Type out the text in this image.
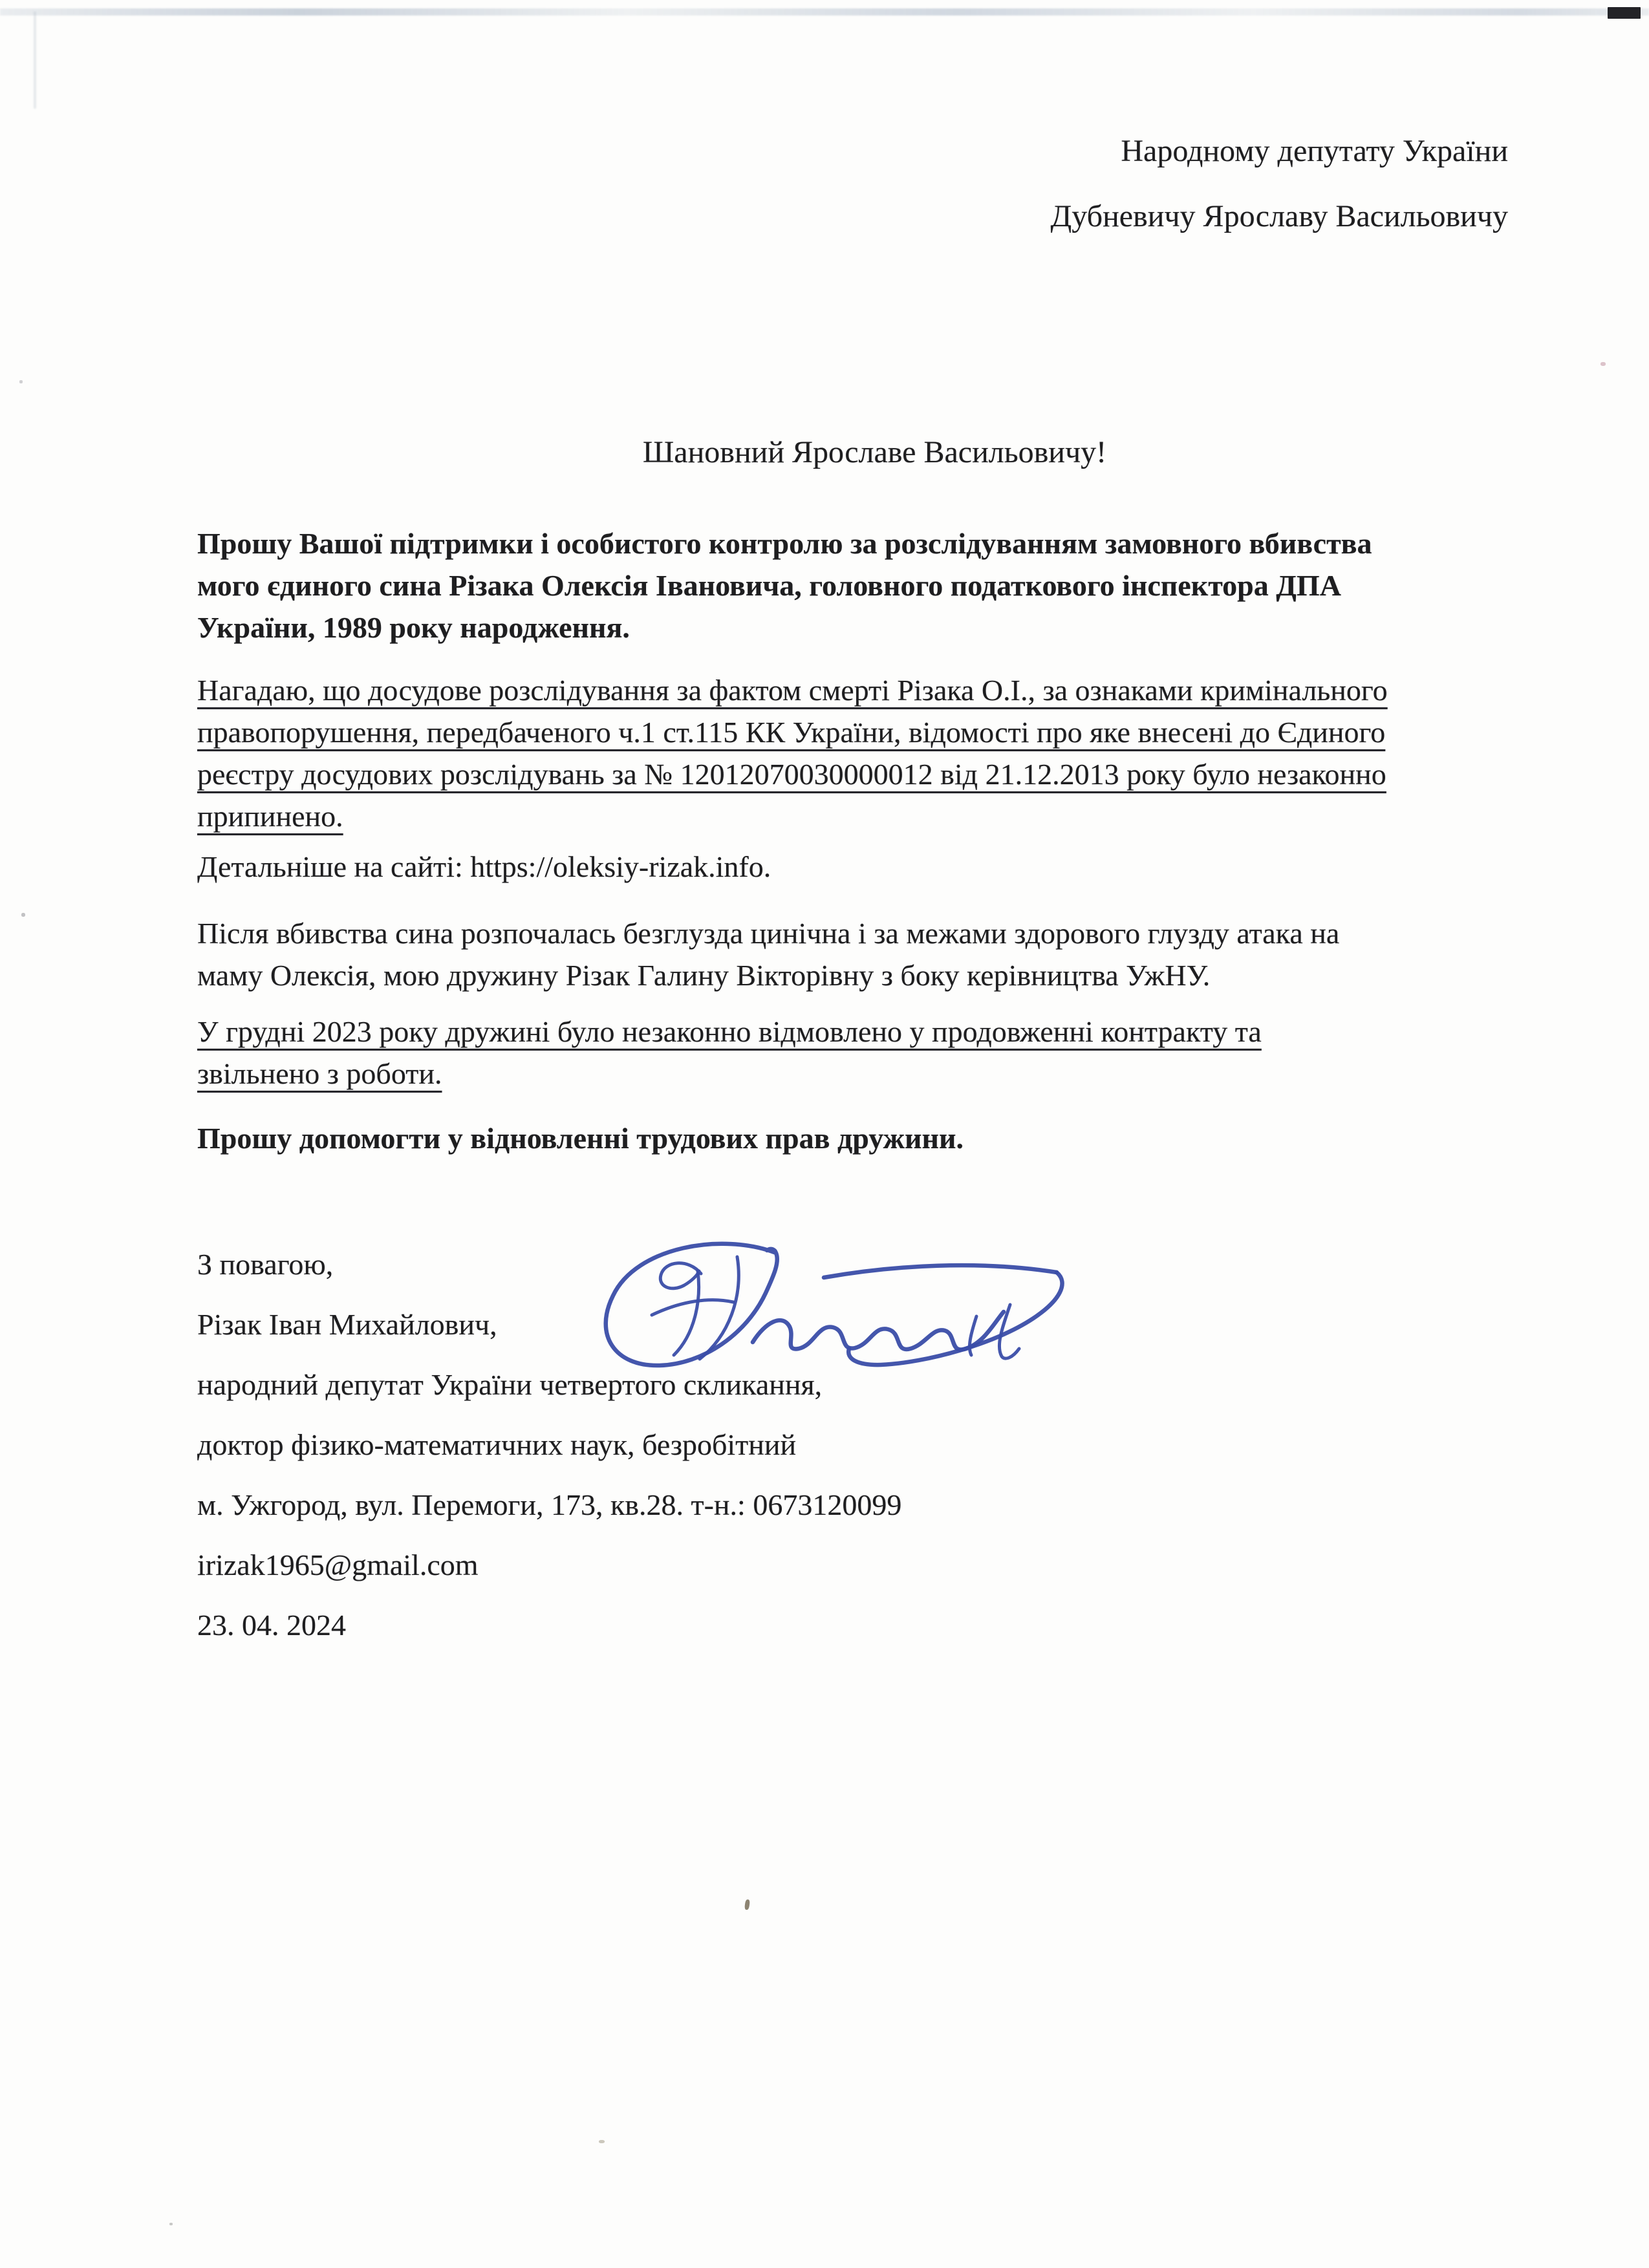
Народному депутату України
Дубневичу Ярославу Васильовичу
Шановний Ярославе Васильовичу!
Прошу Вашої підтримки і особистого контролю за розслідуванням замовного вбивства
мого єдиного сина Різака Олексія Івановича, головного податкового інспектора ДПА
України, 1989 року народження.
Нагадаю, що досудове розслідування за фактом смерті Різака О.І., за ознаками кримінального
правопорушення, передбаченого ч.1 ст.115 КК України, відомості про яке внесені до Єдиного
реєстру досудових розслідувань за № 12012070030000012 від 21.12.2013 року було незаконно
припинено.
Детальніше на сайті: https://oleksiy-rizak.info.
Після вбивства сина розпочалась безглузда цинічна і за межами здорового глузду атака на
маму Олексія, мою дружину Різак Галину Вікторівну з боку керівництва УжНУ.
У грудні 2023 року дружині було незаконно відмовлено у продовженні контракту та
звільнено з роботи.
Прошу допомогти у відновленні трудових прав дружини.
З повагою,
Різак Іван Михайлович,
народний депутат України четвертого скликання,
доктор фізико-математичних наук, безробітний
м. Ужгород, вул. Перемоги, 173, кв.28. т-н.: 0673120099
irizak1965@gmail.com
23. 04. 2024
